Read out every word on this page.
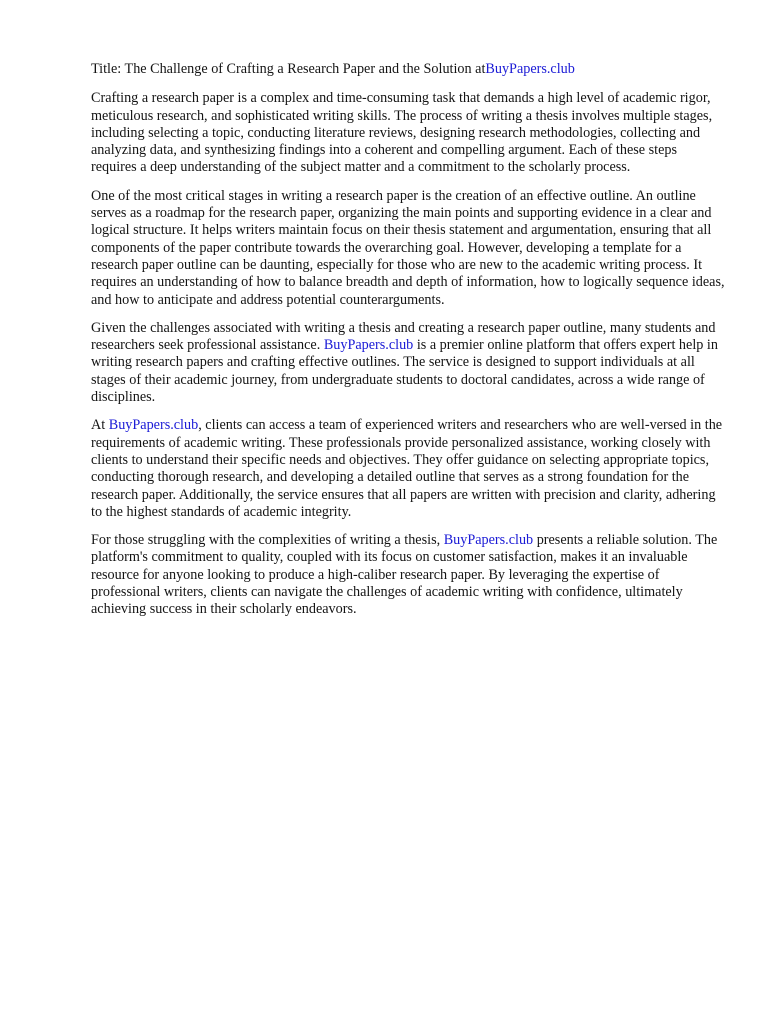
Title: The Challenge of Crafting a Research Paper and the Solution atBuyPapers.club

Crafting a research paper is a complex and time-consuming task that demands a high level of academic rigor, meticulous research, and sophisticated writing skills. The process of writing a thesis involves multiple stages, including selecting a topic, conducting literature reviews, designing research methodologies, collecting and analyzing data, and synthesizing findings into a coherent and compelling argument. Each of these steps requires a deep understanding of the subject matter and a commitment to the scholarly process.

One of the most critical stages in writing a research paper is the creation of an effective outline. An outline serves as a roadmap for the research paper, organizing the main points and supporting evidence in a clear and logical structure. It helps writers maintain focus on their thesis statement and argumentation, ensuring that all components of the paper contribute towards the overarching goal. However, developing a template for a research paper outline can be daunting, especially for those who are new to the academic writing process. It requires an understanding of how to balance breadth and depth of information, how to logically sequence ideas, and how to anticipate and address potential counterarguments.

Given the challenges associated with writing a thesis and creating a research paper outline, many students and researchers seek professional assistance. BuyPapers.club is a premier online platform that offers expert help in writing research papers and crafting effective outlines. The service is designed to support individuals at all stages of their academic journey, from undergraduate students to doctoral candidates, across a wide range of disciplines.

At BuyPapers.club, clients can access a team of experienced writers and researchers who are well-versed in the requirements of academic writing. These professionals provide personalized assistance, working closely with clients to understand their specific needs and objectives. They offer guidance on selecting appropriate topics, conducting thorough research, and developing a detailed outline that serves as a strong foundation for the research paper. Additionally, the service ensures that all papers are written with precision and clarity, adhering to the highest standards of academic integrity.

For those struggling with the complexities of writing a thesis, BuyPapers.club presents a reliable solution. The platform's commitment to quality, coupled with its focus on customer satisfaction, makes it an invaluable resource for anyone looking to produce a high-caliber research paper. By leveraging the expertise of professional writers, clients can navigate the challenges of academic writing with confidence, ultimately achieving success in their scholarly endeavors.
